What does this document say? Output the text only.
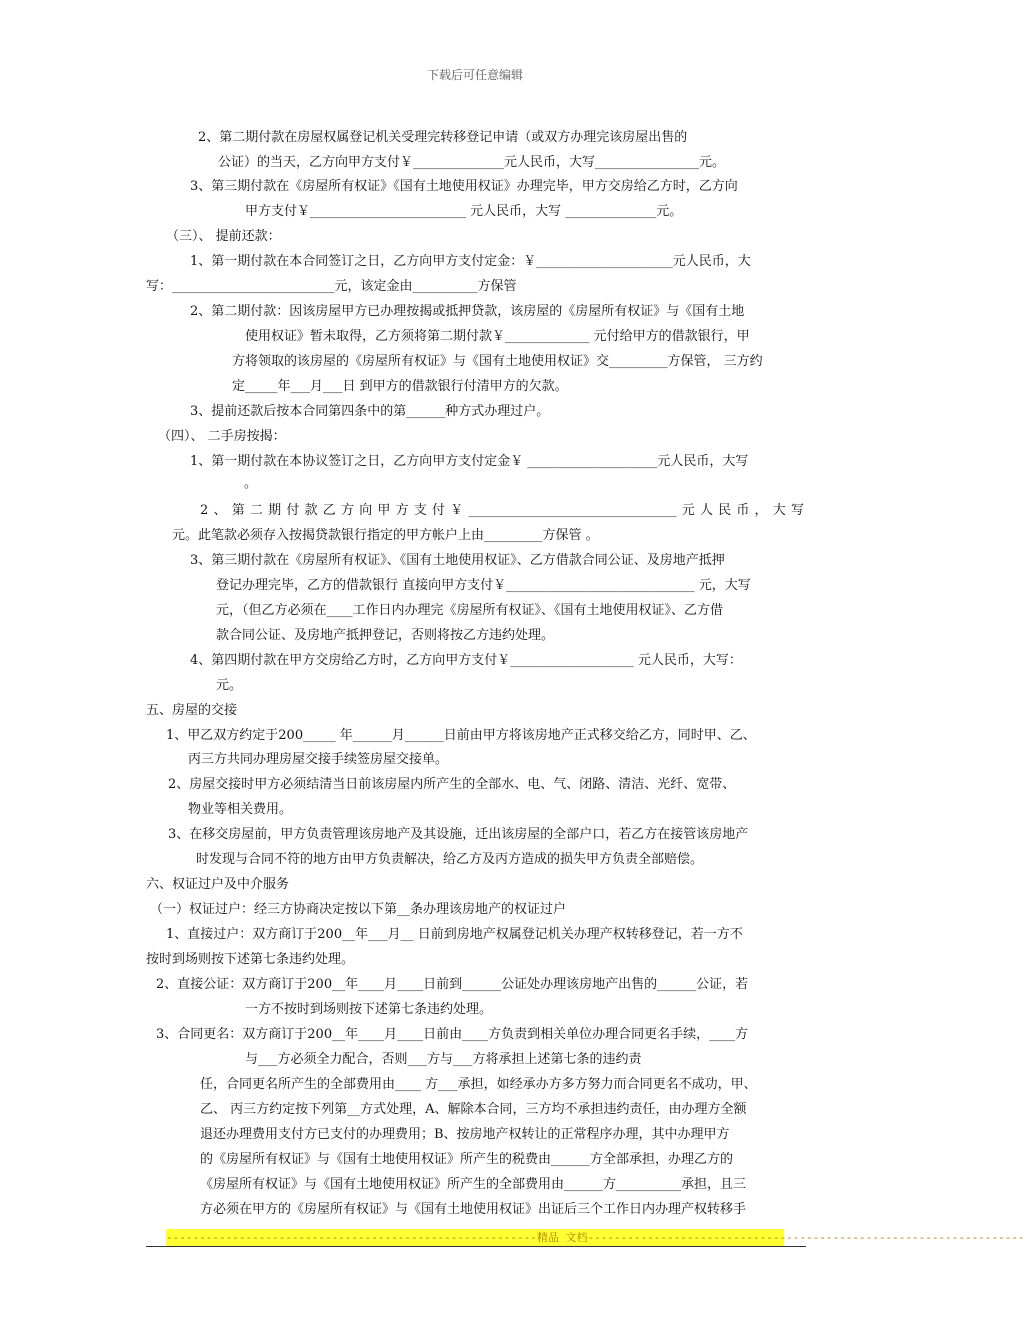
下载后可任意编辑
2、第二期付款在房屋权属登记机关受理完转移登记申请（或双方办理完该房屋出售的
公证）的当天，乙方向甲方支付￥______________元人民币，大写________________元。
3、第三期付款在《房屋所有权证》《国有土地使用权证》办理完毕，甲方交房给乙方时，乙方向
甲方支付￥________________________ 元人民币，大写 ______________元。
（三）、 提前还款：
1、第一期付款在本合同签订之日，乙方向甲方支付定金：￥_____________________元人民币，大
写：_________________________元，该定金由__________方保管
2、第二期付款：因该房屋甲方已办理按揭或抵押贷款，该房屋的《房屋所有权证》与《国有土地
使用权证》暂未取得，乙方须将第二期付款￥_____________ 元付给甲方的借款银行，甲
方将领取的该房屋的《房屋所有权证》与《国有土地使用权证》交_________方保管， 三方约
定_____年___月___日 到甲方的借款银行付清甲方的欠款。
3、提前还款后按本合同第四条中的第______种方式办理过户。
（四）、 二手房按揭：
1、第一期付款在本协议签订之日，乙方向甲方支付定金￥ ____________________元人民币，大写
。
2、第二期付款乙方向甲方支付￥________________________________元人民币，大写
元。此笔款必须存入按揭贷款银行指定的甲方帐户上由_________方保管 。
3、第三期付款在《房屋所有权证》、《国有土地使用权证》、乙方借款合同公证、及房地产抵押
登记办理完毕，乙方的借款银行 直接向甲方支付￥_____________________________ 元，大写
元，（但乙方必须在____工作日内办理完《房屋所有权证》、《国有土地使用权证》、乙方借
款合同公证、及房地产抵押登记，否则将按乙方违约处理。
4、第四期付款在甲方交房给乙方时，乙方向甲方支付￥___________________ 元人民币，大写：
元。
五、房屋的交接
1、甲乙双方约定于200_____ 年______月______日前由甲方将该房地产正式移交给乙方，同时甲、乙、
丙三方共同办理房屋交接手续签房屋交接单。
2、房屋交接时甲方必须结清当日前该房屋内所产生的全部水、电、气、闭路、清洁、光纤、宽带、
物业等相关费用。
3、在移交房屋前，甲方负责管理该房地产及其设施，迁出该房屋的全部户口，若乙方在接管该房地产
时发现与合同不符的地方由甲方负责解决，给乙方及丙方造成的损失甲方负责全部赔偿。
六、权证过户及中介服务
（一）权证过户：经三方协商决定按以下第__条办理该房地产的权证过户
1、直接过户：双方商订于200__年___月__ 日前到房地产权属登记机关办理产权转移登记，若一方不
按时到场则按下述第七条违约处理。
2、直接公证：双方商订于200__年____月____日前到______公证处办理该房地产出售的______公证，若
一方不按时到场则按下述第七条违约处理。
3、合同更名：双方商订于200__年____月____日前由____方负责到相关单位办理合同更名手续，____方
与___方必须全力配合，否则___方与___方将承担上述第七条的违约责
任，合同更名所产生的全部费用由____ 方___承担，如经承办方多方努力而合同更名不成功，甲、
乙、 丙三方约定按下列第__方式处理，A、解除本合同，三方均不承担违约责任，由办理方全额
退还办理费用支付方已支付的办理费用；B、按房地产权转让的正常程序办理，其中办理甲方
的《房屋所有权证》与《国有土地使用权证》所产生的税费由______方全部承担，办理乙方的
《房屋所有权证》与《国有土地使用权证》所产生的全部费用由______方__________承担，且三
方必须在甲方的《房屋所有权证》与《国有土地使用权证》出证后三个工作日内办理产权转移手
--------------------------------------------------------精品 文档------------------------------------------------------------------
